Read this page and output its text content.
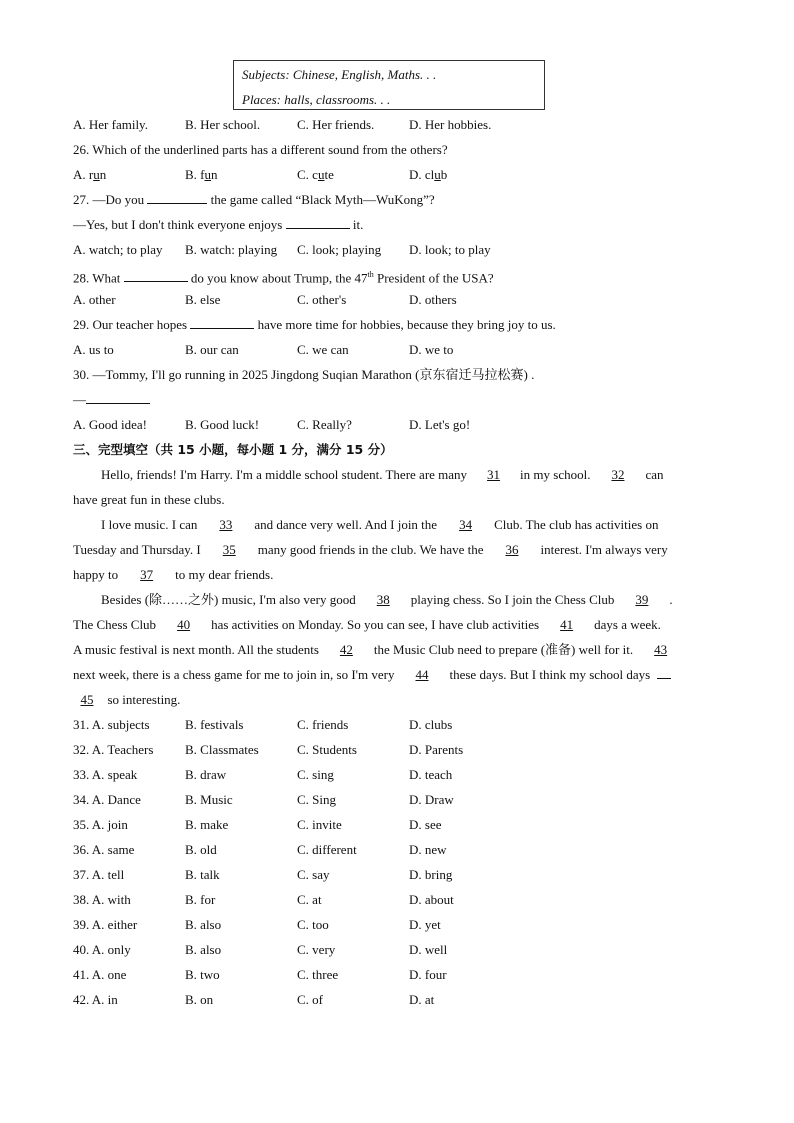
Subjects: Chinese, English, Maths. . .
Places: halls, classrooms. . .
A. Her family.	B. Her school.	C. Her friends.	D. Her hobbies.
26. Which of the underlined parts has a different sound from the others?
A. run	B. fun	C. cute	D. club
27. —Do you	the game called “Black Myth—WuKong”?
—Yes, but I don't think everyone enjoys	it.
A. watch; to play B. watch: playing C. look; playing D. look; to play
28. What	do you know about Trump, the 47th President of the USA?
A. other	B. else	C. other's	D. others
29. Our teacher hopes	have more time for hobbies, because they bring joy to us.
A. us to	B. our can	C. we can	D. we to
30. —Tommy, I'll go running in 2025 Jingdong Suqian Marathon (京东宿迁马拉松赛) .
—
A. Good idea!	B. Good luck!	C. Really?	D. Let's go!
三、完型填空（共 15 小题，每小题 1 分，满分 15 分）
Hello, friends! I'm Harry. I'm a middle school student. There are many 31 in my school. 32 can
have great fun in these clubs.
I love music. I can 33 and dance very well. And I join the 34 Club. The club has activities on
Tuesday and Thursday. I 35 many good friends in the club. We have the 36 interest. I'm always very
happy to 37 to my dear friends.
Besides (除……之外) music, I'm also very good 38 playing chess. So I join the Chess Club 39 .
The Chess Club 40 has activities on Monday. So you can see, I have club activities 41 days a week.
A music festival is next month. All the students 42 the Music Club need to prepare (准备) well for it. 43
next week, there is a chess game for me to join in, so I'm very 44 these days. But I think my school days
45 so interesting.
31. A. subjects	B. festivals	C. friends	D. clubs
32. A. Teachers B. Classmates	C. Students	D. Parents
33. A. speak	B. draw	C. sing	D. teach
34. A. Dance	B. Music	C. Sing	D. Draw
35. A. join	B. make	C. invite	D. see
36. A. same	B. old	C. different	D. new
37. A. tell	B. talk	C. say	D. bring
38. A. with	B. for	C. at	D. about
39. A. either	B. also	C. too	D. yet
40. A. only	B. also	C. very	D. well
41. A. one	B. two	C. three	D. four
42. A. in	B. on	C. of	D. at
